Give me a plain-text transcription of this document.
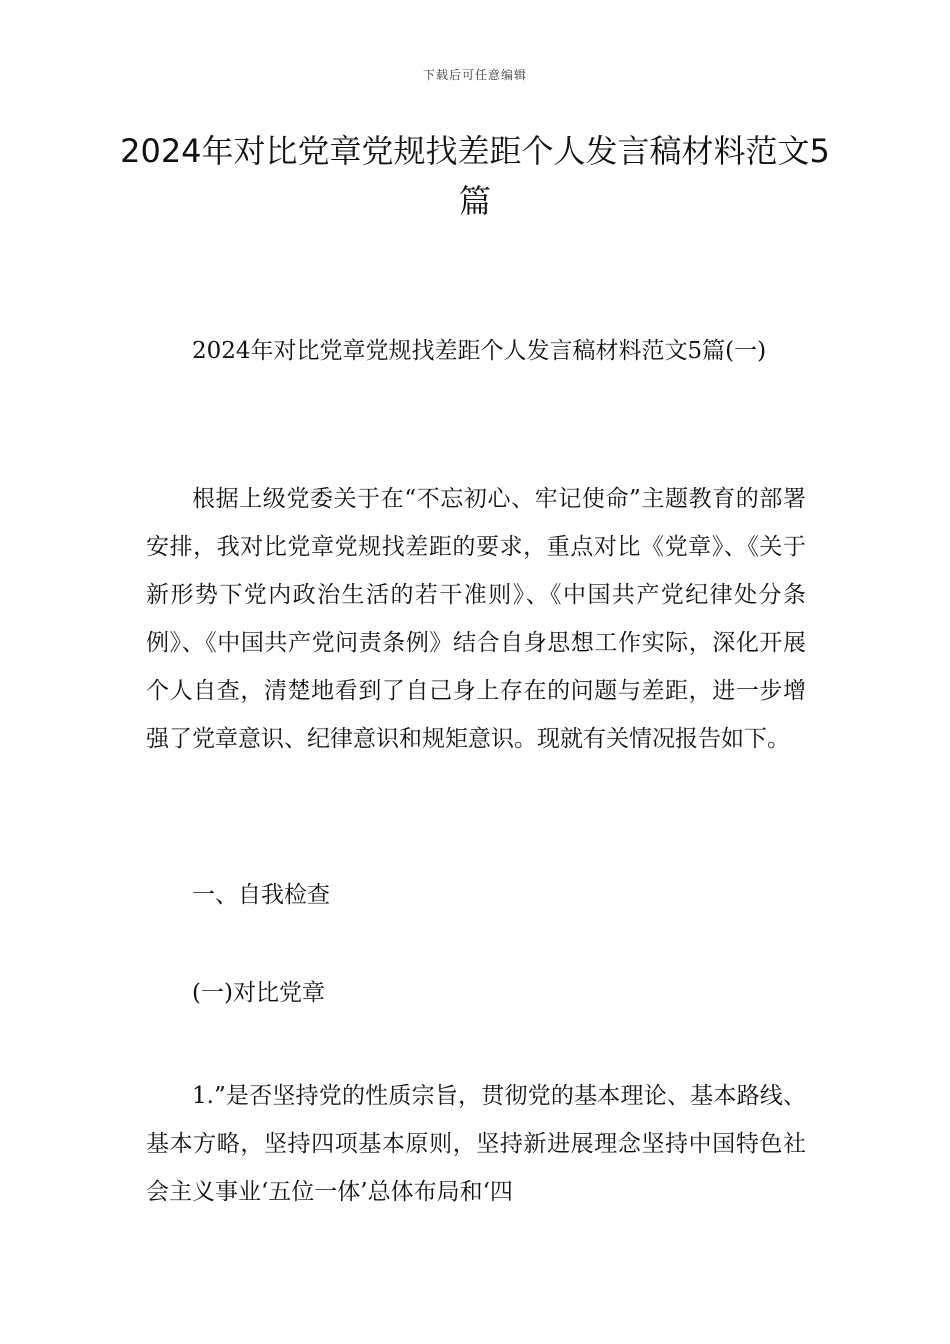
下载后可任意编辑
2024年对比党章党规找差距个人发言稿材料范文5篇

2024年对比党章党规找差距个人发言稿材料范文5篇(一)

根据上级党委关于在“不忘初心、牢记使命”主题教育的部署安排，我对比党章党规找差距的要求，重点对比《党章》、《关于新形势下党内政治生活的若干准则》、《中国共产党纪律处分条例》、《中国共产党问责条例》结合自身思想工作实际，深化开展个人自查，清楚地看到了自己身上存在的问题与差距，进一步增强了党章意识、纪律意识和规矩意识。现就有关情况报告如下。

一、自我检查

(一)对比党章

1.”是否坚持党的性质宗旨，贯彻党的基本理论、基本路线、基本方略，坚持四项基本原则，坚持新进展理念坚持中国特色社会主义事业‘五位一体’总体布局和‘四
